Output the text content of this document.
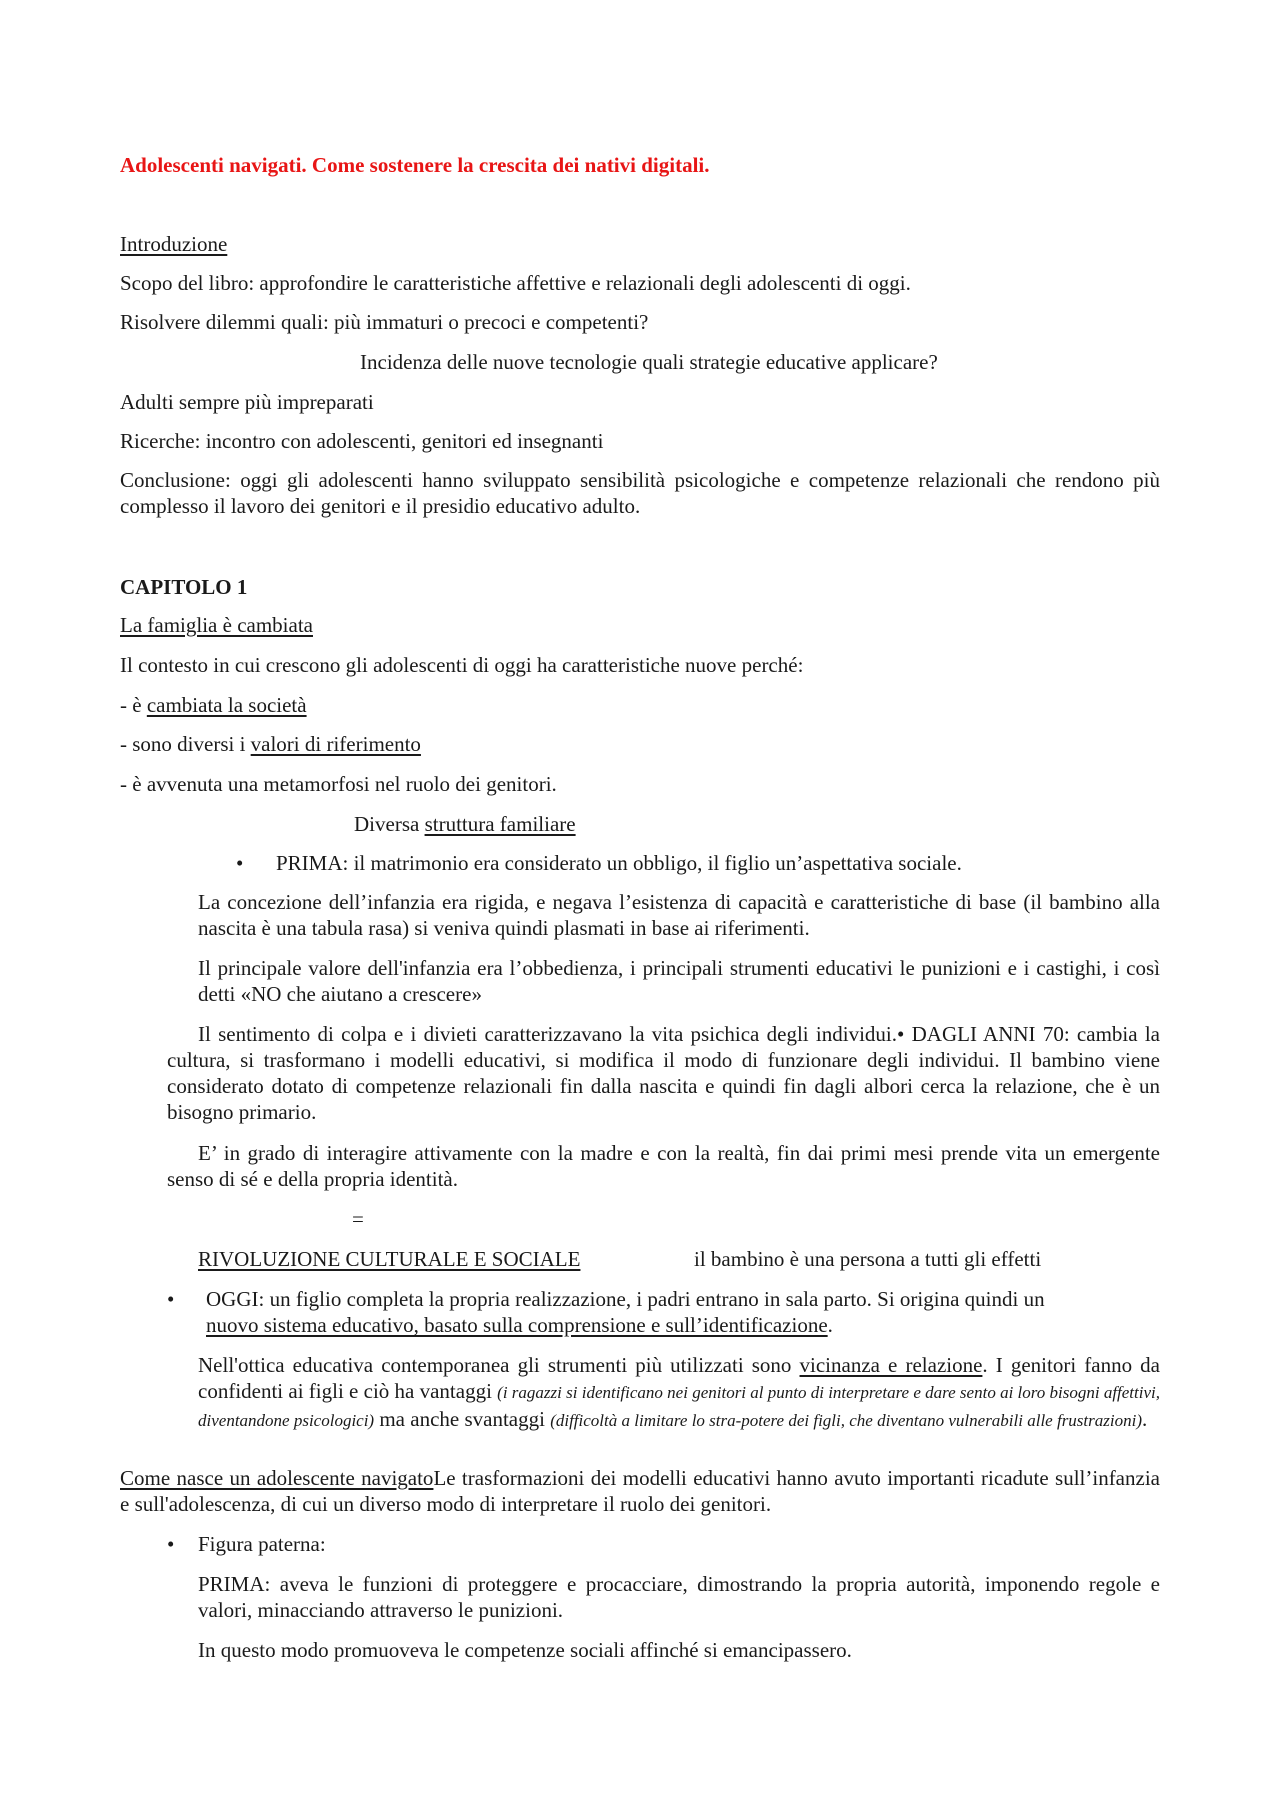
Adolescenti navigati. Come sostenere la crescita dei nativi digitali.
Introduzione
Scopo del libro: approfondire le caratteristiche affettive e relazionali degli adolescenti di oggi.
Risolvere dilemmi quali: più immaturi o precoci e competenti?
Incidenza delle nuove tecnologie quali strategie educative applicare?
Adulti sempre più impreparati
Ricerche: incontro con adolescenti, genitori ed insegnanti
Conclusione: oggi gli adolescenti hanno sviluppato sensibilità psicologiche e competenze relazionali che rendono più complesso il lavoro dei genitori e il presidio educativo adulto.
CAPITOLO 1
La famiglia è cambiata
Il contesto in cui crescono gli adolescenti di oggi ha caratteristiche nuove perché:
- è cambiata la società
- sono diversi i valori di riferimento
- è avvenuta una metamorfosi nel ruolo dei genitori.
Diversa struttura familiare
• PRIMA: il matrimonio era considerato un obbligo, il figlio un’aspettativa sociale.
La concezione dell’infanzia era rigida, e negava l’esistenza di capacità e caratteristiche di base (il bambino alla nascita è una tabula rasa) si veniva quindi plasmati in base ai riferimenti.
Il principale valore dell'infanzia era l’obbedienza, i principali strumenti educativi le punizioni e i castighi, i così detti «NO che aiutano a crescere»
Il sentimento di colpa e i divieti caratterizzavano la vita psichica degli individui.• DAGLI ANNI 70: cambia la cultura, si trasformano i modelli educativi, si modifica il modo di funzionare degli individui. Il bambino viene considerato dotato di competenze relazionali fin dalla nascita e quindi fin dagli albori cerca la relazione, che è un bisogno primario.
E’ in grado di interagire attivamente con la madre e con la realtà, fin dai primi mesi prende vita un emergente senso di sé e della propria identità.
=
RIVOLUZIONE CULTURALE E SOCIALE	il bambino è una persona a tutti gli effetti
• OGGI: un figlio completa la propria realizzazione, i padri entrano in sala parto. Si origina quindi un
nuovo sistema educativo, basato sulla comprensione e sull’identificazione.
Nell'ottica educativa contemporanea gli strumenti più utilizzati sono vicinanza e relazione. I genitori fanno da confidenti ai figli e ciò ha vantaggi (i ragazzi si identificano nei genitori al punto di interpretare e dare sento ai loro bisogni affettivi, diventandone psicologici) ma anche svantaggi (difficoltà a limitare lo stra-potere dei figli, che diventano vulnerabili alle frustrazioni).
Come nasce un adolescente navigatoLe trasformazioni dei modelli educativi hanno avuto importanti ricadute sull’infanzia e sull'adolescenza, di cui un diverso modo di interpretare il ruolo dei genitori.
• Figura paterna:
PRIMA: aveva le funzioni di proteggere e procacciare, dimostrando la propria autorità, imponendo regole e valori, minacciando attraverso le punizioni.
In questo modo promuoveva le competenze sociali affinché si emancipassero.
